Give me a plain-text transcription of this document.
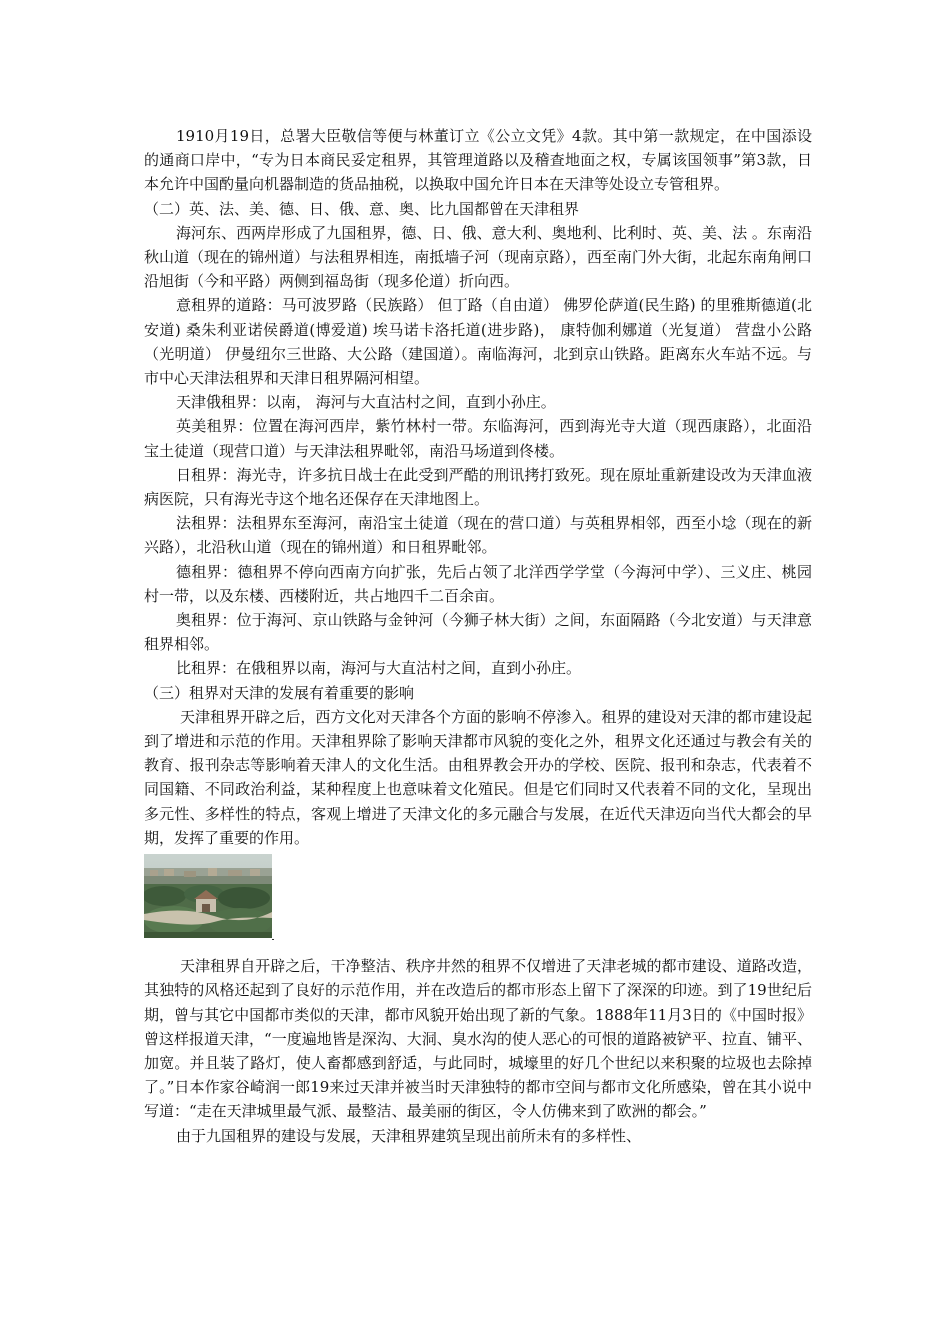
1910月19日，总署大臣敬信等便与林董订立《公立文凭》4款。其中第一款规定，在中国添设的通商口岸中，“专为日本商民妥定租界，其管理道路以及稽查地面之权，专属该国领事”第3款，日本允许中国酌量向机器制造的货品抽税，以换取中国允许日本在天津等处设立专管租界。

（二）英、法、美、德、日、俄、意、奥、比九国都曾在天津租界

海河东、西两岸形成了九国租界，德、日、俄、意大利、奥地利、比利时、英、美、法 。东南沿秋山道（现在的锦州道）与法租界相连，南抵墙子河（现南京路），西至南门外大街，北起东南角闸口沿旭街（今和平路）两侧到福岛街（现多伦道）折向西。

意租界的道路：马可波罗路（民族路） 但丁路（自由道） 佛罗伦萨道(民生路) 的里雅斯德道(北安道) 桑朱利亚诺侯爵道(博爱道) 埃马诺卡洛托道(进步路)， 康特伽利娜道（光复道） 营盘小公路（光明道） 伊曼纽尔三世路、大公路（建国道）。南临海河，北到京山铁路。距离东火车站不远。与市中心天津法租界和天津日租界隔河相望。

天津俄租界：以南， 海河与大直沽村之间，直到小孙庄。

英美租界：位置在海河西岸，紫竹林村一带。东临海河，西到海光寺大道（现西康路），北面沿宝土徒道（现营口道）与天津法租界毗邻，南沿马场道到佟楼。

日租界：海光寺，许多抗日战士在此受到严酷的刑讯拷打致死。现在原址重新建设改为天津血液病医院，只有海光寺这个地名还保存在天津地图上。

法租界：法租界东至海河，南沿宝土徒道（现在的营口道）与英租界相邻，西至小埝（现在的新兴路），北沿秋山道（现在的锦州道）和日租界毗邻。

德租界：德租界不停向西南方向扩张，先后占领了北洋西学学堂（今海河中学）、三义庄、桃园村一带，以及东楼、西楼附近，共占地四千二百余亩。

奥租界：位于海河、京山铁路与金钟河（今狮子林大街）之间，东面隔路（今北安道）与天津意租界相邻。

比租界：在俄租界以南，海河与大直沽村之间，直到小孙庄。

（三）租界对天津的发展有着重要的影响

天津租界开辟之后，西方文化对天津各个方面的影响不停渗入。租界的建设对天津的都市建设起到了增进和示范的作用。天津租界除了影响天津都市风貌的变化之外，租界文化还通过与教会有关的教育、报刊杂志等影响着天津人的文化生活。由租界教会开办的学校、医院、报刊和杂志，代表着不同国籍、不同政治利益，某种程度上也意味着文化殖民。但是它们同时又代表着不同的文化，呈现出多元性、多样性的特点，客观上增进了天津文化的多元融合与发展，在近代天津迈向当代大都会的早期，发挥了重要的作用。

天津租界自开辟之后，干净整洁、秩序井然的租界不仅增进了天津老城的都市建设、道路改造，其独特的风格还起到了良好的示范作用，并在改造后的都市形态上留下了深深的印迹。到了19世纪后期，曾与其它中国都市类似的天津，都市风貌开始出现了新的气象。1888年11月3日的《中国时报》曾这样报道天津，“一度遍地皆是深沟、大洞、臭水沟的使人恶心的可恨的道路被铲平、拉直、铺平、加宽。并且装了路灯，使人畜都感到舒适，与此同时，城壕里的好几个世纪以来积聚的垃圾也去除掉了。”日本作家谷崎润一郎19来过天津并被当时天津独特的都市空间与都市文化所感染，曾在其小说中写道：“走在天津城里最气派、最整洁、最美丽的街区，令人仿佛来到了欧洲的都会。”

由于九国租界的建设与发展，天津租界建筑呈现出前所未有的多样性、
